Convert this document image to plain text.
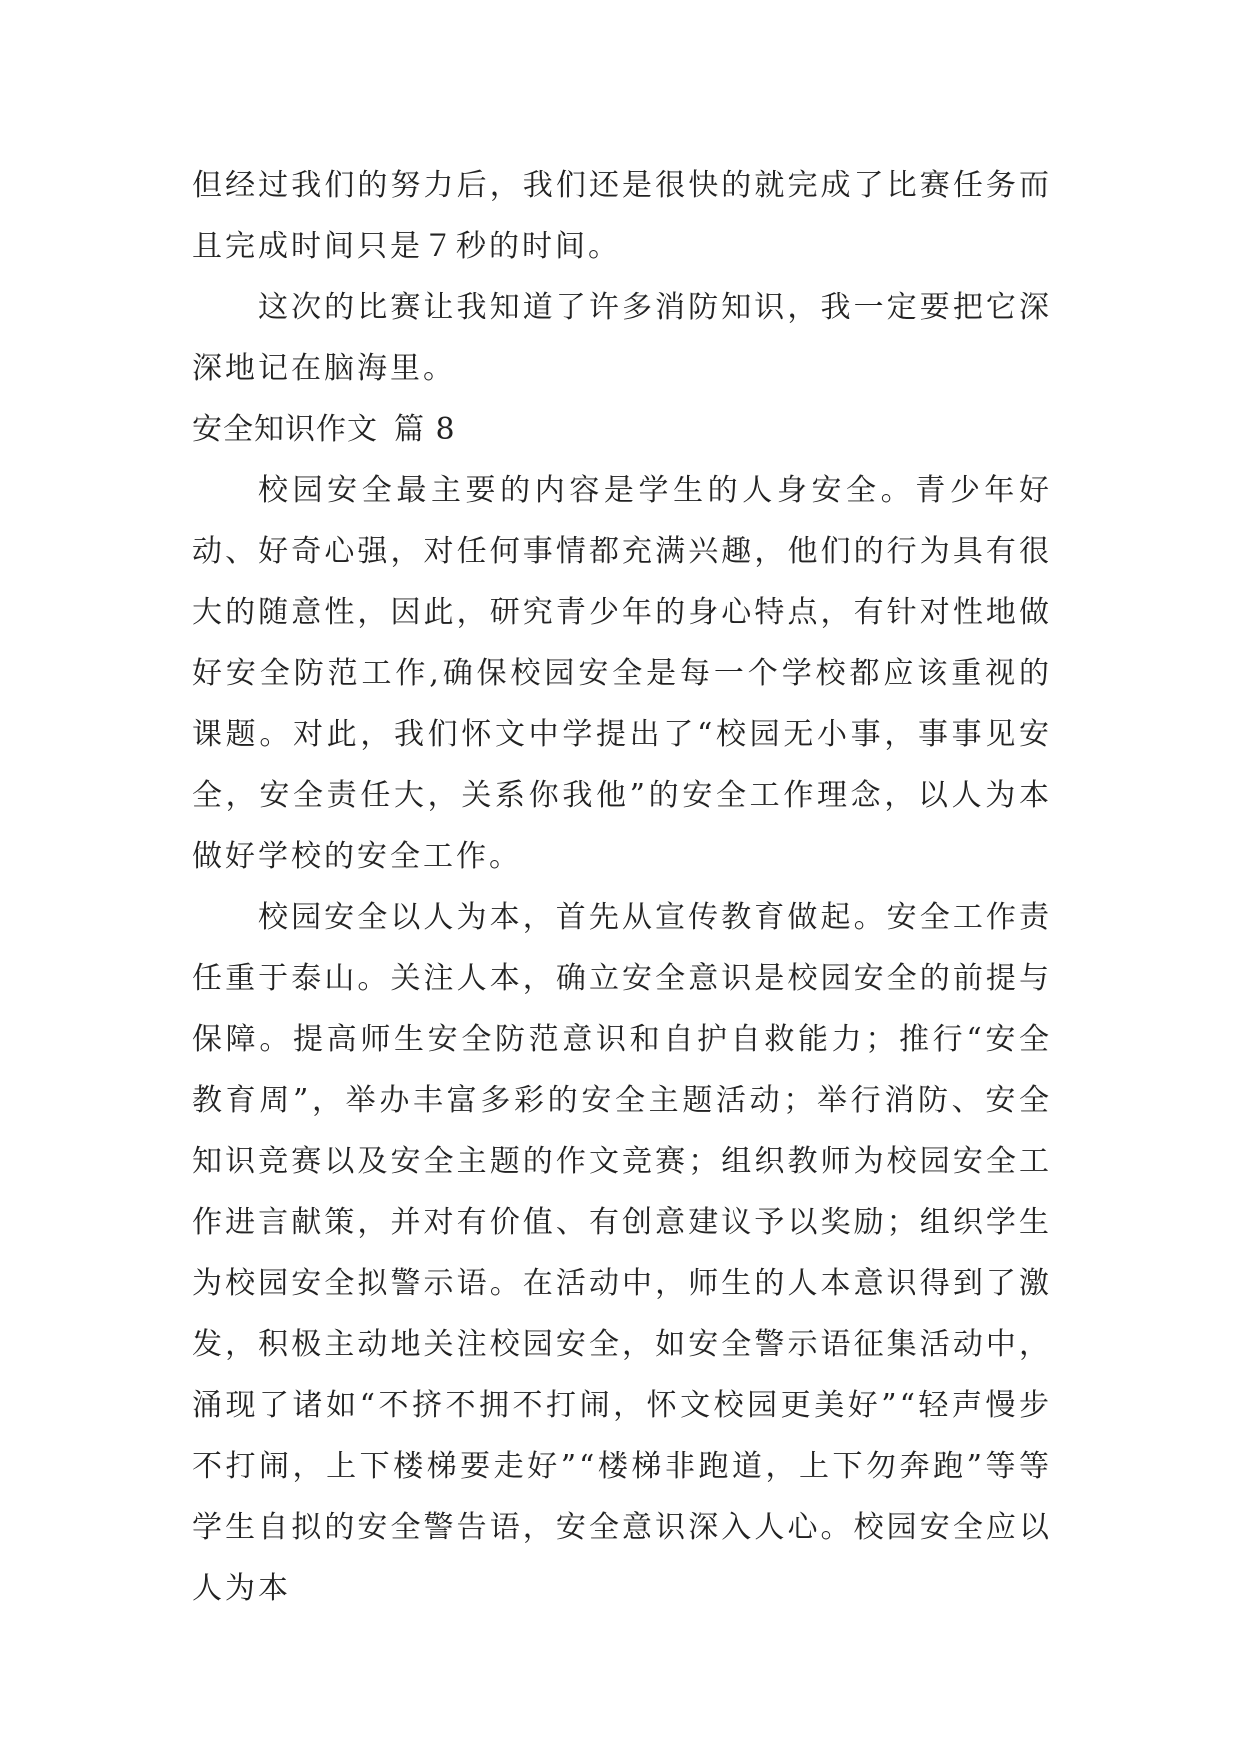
但经过我们的努力后，我们还是很快的就完成了比赛任务而且完成时间只是７秒的时间。

这次的比赛让我知道了许多消防知识，我一定要把它深深地记在脑海里。

安全知识作文 篇 8

校园安全最主要的内容是学生的人身安全。青少年好动、好奇心强，对任何事情都充满兴趣，他们的行为具有很大的随意性，因此，研究青少年的身心特点，有针对性地做好安全防范工作,确保校园安全是每一个学校都应该重视的课题。对此，我们怀文中学提出了“校园无小事，事事见安全，安全责任大，关系你我他”的安全工作理念，以人为本做好学校的安全工作。

校园安全以人为本，首先从宣传教育做起。安全工作责任重于泰山。关注人本，确立安全意识是校园安全的前提与保障。提高师生安全防范意识和自护自救能力；推行“安全教育周”，举办丰富多彩的安全主题活动；举行消防、安全知识竞赛以及安全主题的作文竞赛；组织教师为校园安全工作进言献策，并对有价值、有创意建议予以奖励；组织学生为校园安全拟警示语。在活动中，师生的人本意识得到了激发，积极主动地关注校园安全，如安全警示语征集活动中，涌现了诸如“不挤不拥不打闹，怀文校园更美好”“轻声慢步不打闹，上下楼梯要走好”“楼梯非跑道，上下勿奔跑”等等学生自拟的安全警告语，安全意识深入人心。校园安全应以人为本
